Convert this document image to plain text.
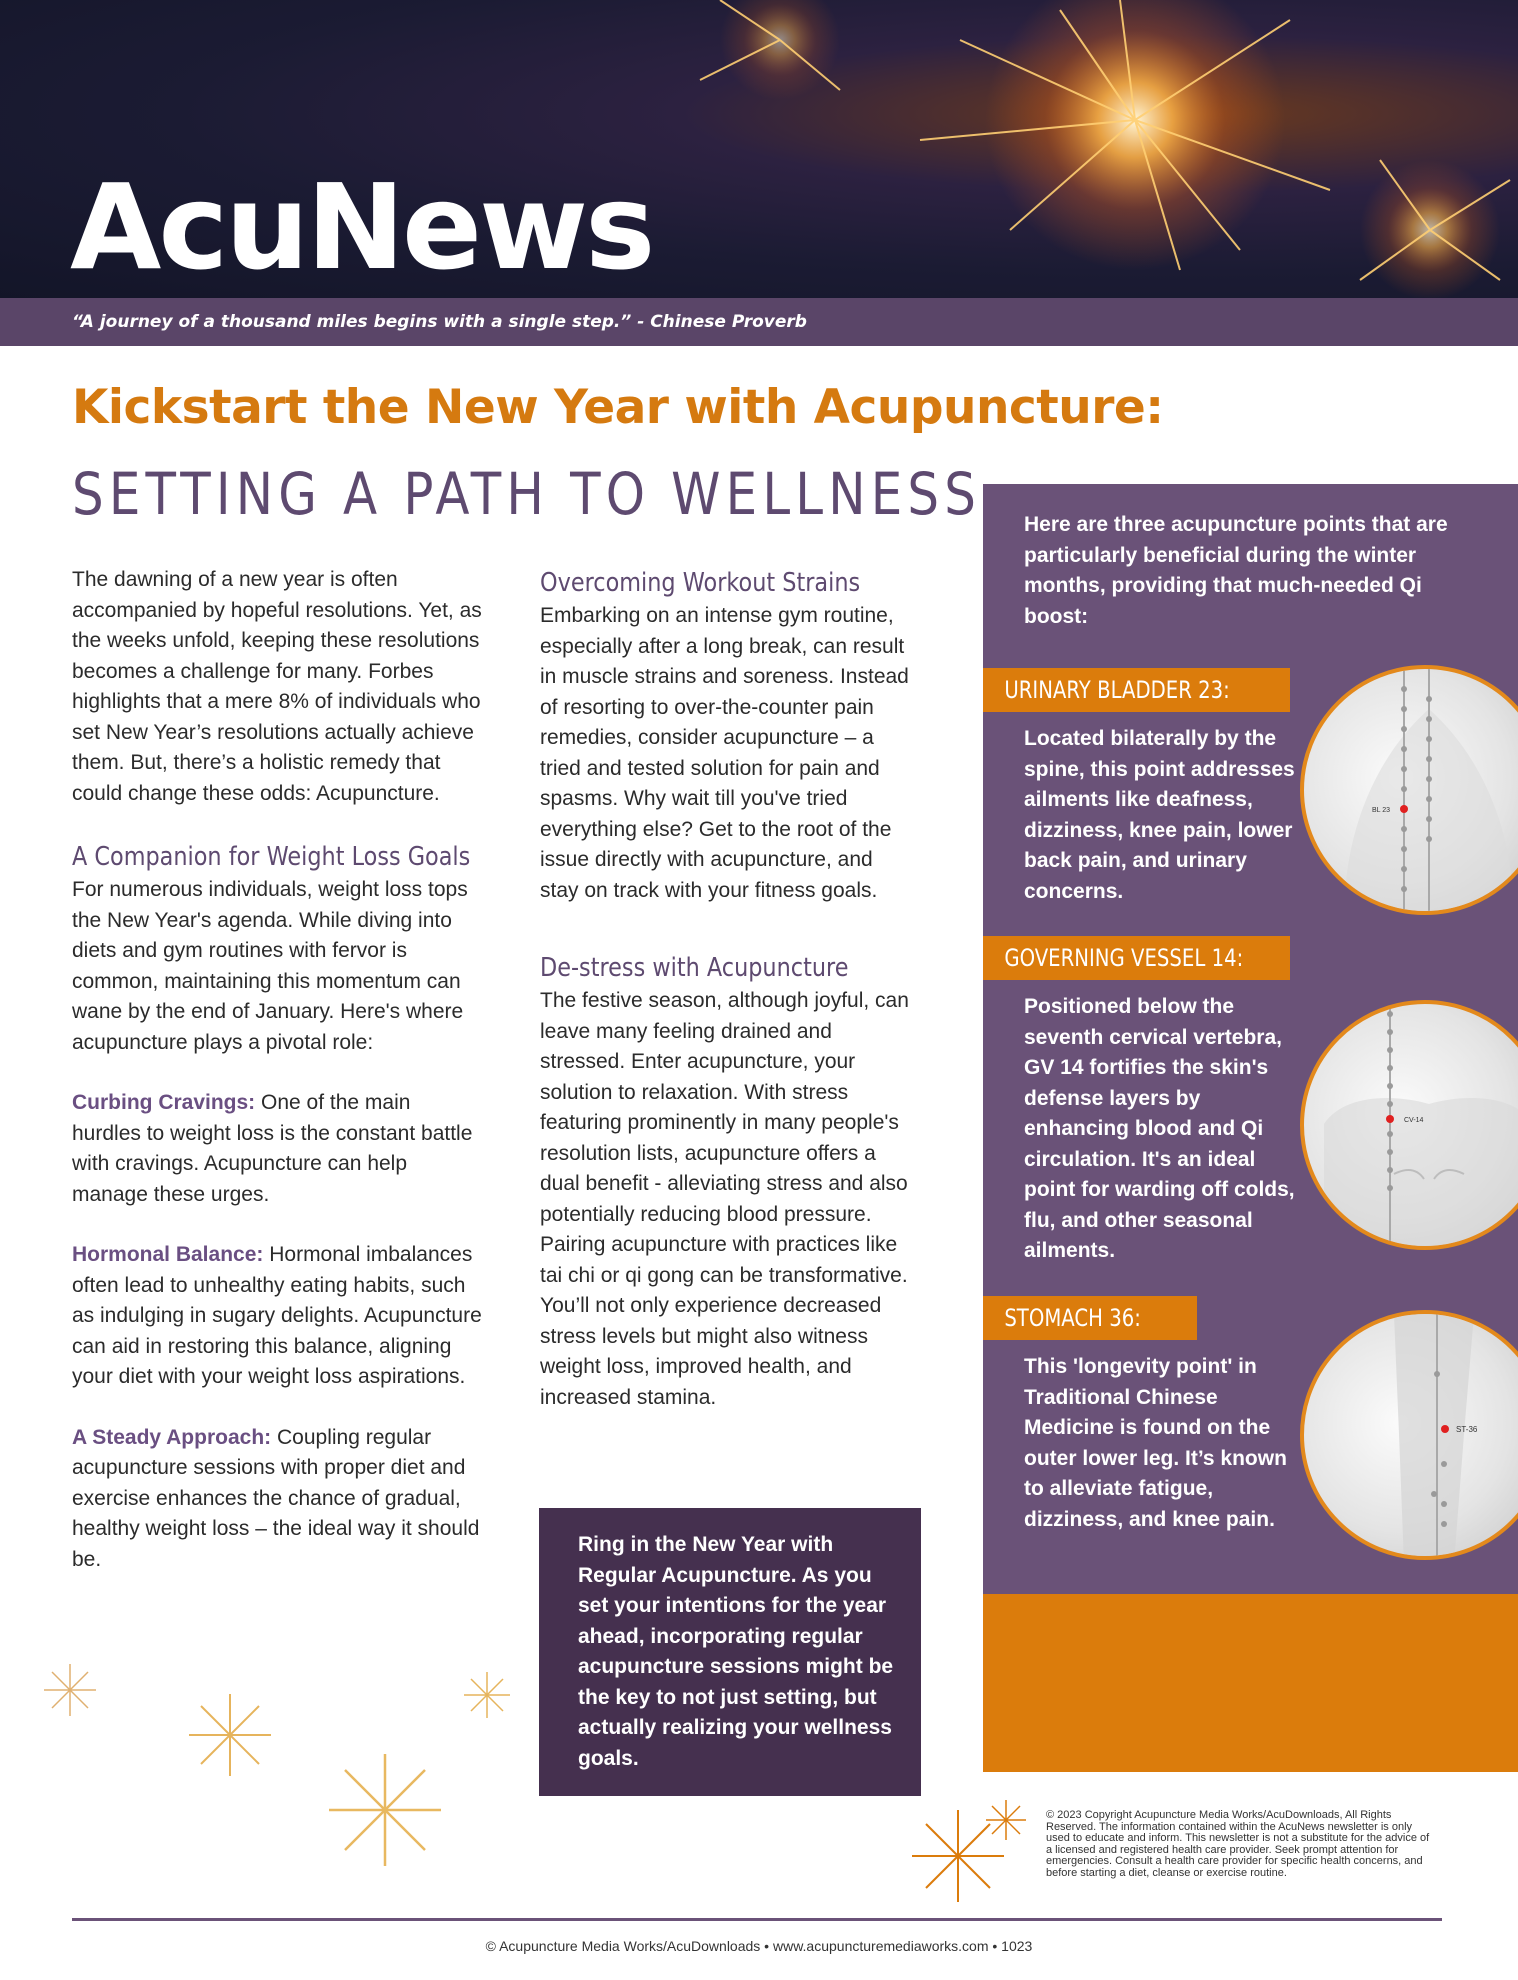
AcuNews
“A journey of a thousand miles begins with a single step.” - Chinese Proverb
Kickstart the New Year with Acupuncture:
SETTING A PATH TO WELLNESS

The dawning of a new year is often accompanied by hopeful resolutions. Yet, as the weeks unfold, keeping these resolutions becomes a challenge for many. Forbes highlights that a mere 8% of individuals who set New Year’s resolutions actually achieve them. But, there’s a holistic remedy that could change these odds: Acupuncture.

A Companion for Weight Loss Goals

For numerous individuals, weight loss tops the New Year's agenda. While diving into diets and gym routines with fervor is common, maintaining this momentum can wane by the end of January. Here's where acupuncture plays a pivotal role:

Curbing Cravings: One of the main hurdles to weight loss is the constant battle with cravings. Acupuncture can help manage these urges.

Hormonal Balance: Hormonal imbalances often lead to unhealthy eating habits, such as indulging in sugary delights. Acupuncture can aid in restoring this balance, aligning your diet with your weight loss aspirations.

A Steady Approach: Coupling regular acupuncture sessions with proper diet and exercise enhances the chance of gradual, healthy weight loss – the ideal way it should be.

Overcoming Workout Strains

Embarking on an intense gym routine, especially after a long break, can result in muscle strains and soreness. Instead of resorting to over-the-counter pain remedies, consider acupuncture – a tried and tested solution for pain and spasms. Why wait till you've tried everything else? Get to the root of the issue directly with acupuncture, and stay on track with your fitness goals.

De-stress with Acupuncture

The festive season, although joyful, can leave many feeling drained and stressed. Enter acupuncture, your solution to relaxation. With stress featuring prominently in many people's resolution lists, acupuncture offers a dual benefit - alleviating stress and also potentially reducing blood pressure. Pairing acupuncture with practices like tai chi or qi gong can be transformative. You’ll not only experience decreased stress levels but might also witness weight loss, improved health, and increased stamina.

Ring in the New Year with Regular Acupuncture. As you set your intentions for the year ahead, incorporating regular acupuncture sessions might be the key to not just setting, but actually realizing your wellness goals.
Here are three acupuncture points that are particularly beneficial during the winter months, providing that much-needed Qi boost:
URINARY BLADDER 23:
Located bilaterally by the spine, this point addresses ailments like deafness, dizziness, knee pain, lower back pain, and urinary concerns.
BL 23
GOVERNING VESSEL 14:
Positioned below the seventh cervical vertebra, GV 14 fortifies the skin's defense layers by enhancing blood and Qi circulation. It's an ideal point for warding off colds, flu, and other seasonal ailments.
CV-14
STOMACH 36:
This 'longevity point' in Traditional Chinese Medicine is found on the outer lower leg. It’s known to alleviate fatigue, dizziness, and knee pain.
ST-36
© 2023 Copyright Acupuncture Media Works/AcuDownloads, All Rights Reserved. The information contained within the AcuNews newsletter is only used to educate and inform. This newsletter is not a substitute for the advice of a licensed and registered health care provider. Seek prompt attention for emergencies. Consult a health care provider for specific health concerns, and before starting a diet, cleanse or exercise routine.
© Acupuncture Media Works/AcuDownloads • www.acupuncturemediaworks.com • 1023
